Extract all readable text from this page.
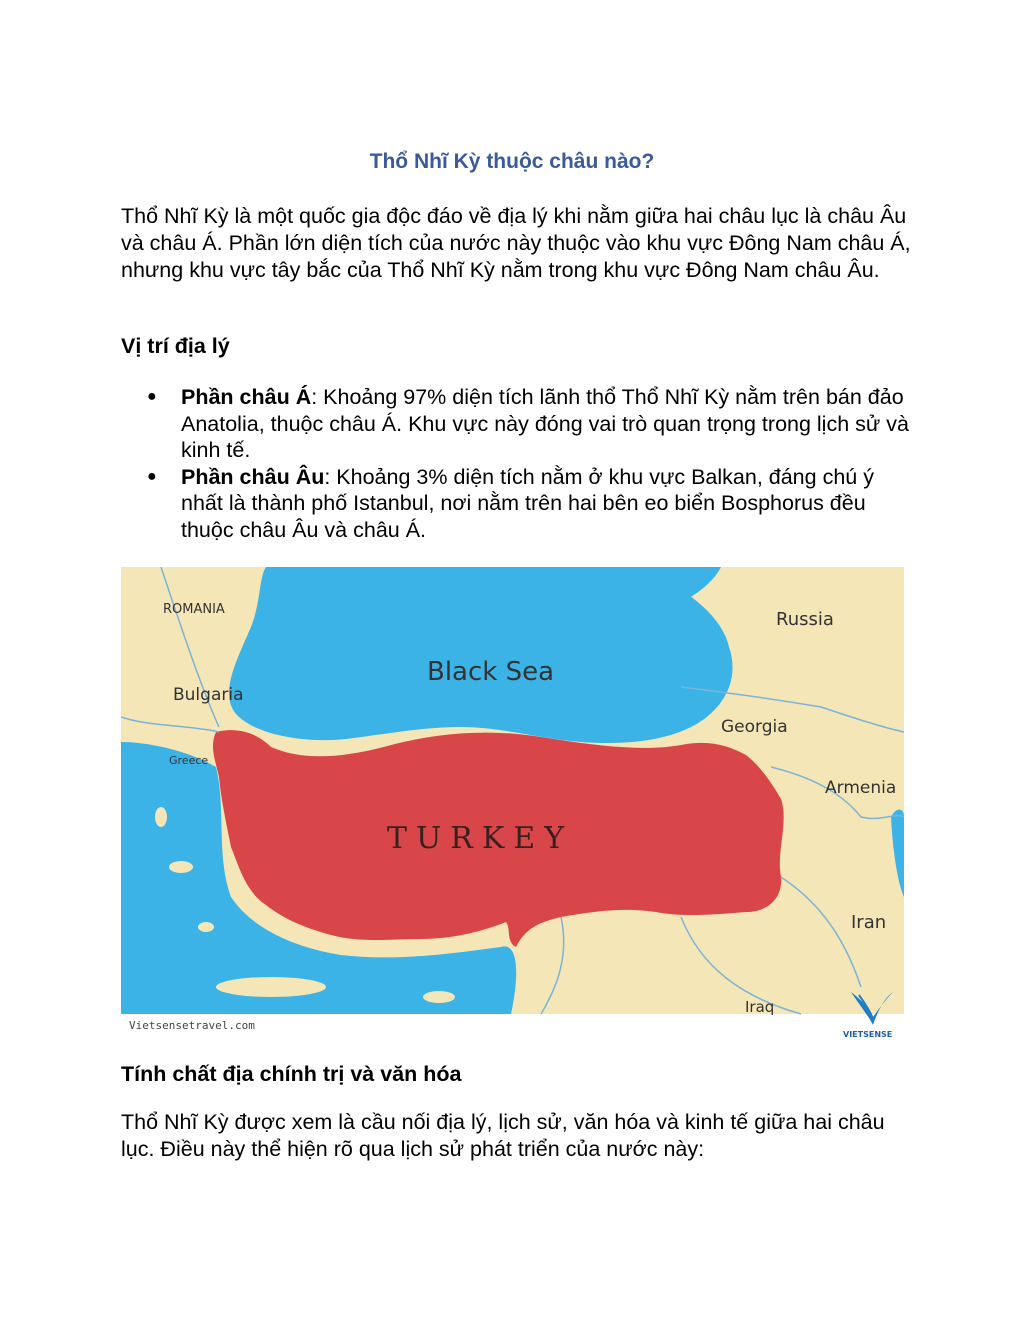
Thổ Nhĩ Kỳ thuộc châu nào?
Thổ Nhĩ Kỳ là một quốc gia độc đáo về địa lý khi nằm giữa hai châu lục là châu Âu và châu Á. Phần lớn diện tích của nước này thuộc vào khu vực Đông Nam châu Á, nhưng khu vực tây bắc của Thổ Nhĩ Kỳ nằm trong khu vực Đông Nam châu Âu.
Vị trí địa lý
● Phần châu Á: Khoảng 97% diện tích lãnh thổ Thổ Nhĩ Kỳ nằm trên bán đảo Anatolia, thuộc châu Á. Khu vực này đóng vai trò quan trọng trong lịch sử và kinh tế.
● Phần châu Âu: Khoảng 3% diện tích nằm ở khu vực Balkan, đáng chú ý nhất là thành phố Istanbul, nơi nằm trên hai bên eo biển Bosphorus đều thuộc châu Âu và châu Á.
ROMANIA	Russia
Black Sea
Bulgaria
Georgia
Greece
Armenia
TURKEY
Iran
Iraq
Vietsensetravel.com
VIETSENSE
Tính chất địa chính trị và văn hóa
Thổ Nhĩ Kỳ được xem là cầu nối địa lý, lịch sử, văn hóa và kinh tế giữa hai châu lục. Điều này thể hiện rõ qua lịch sử phát triển của nước này:
